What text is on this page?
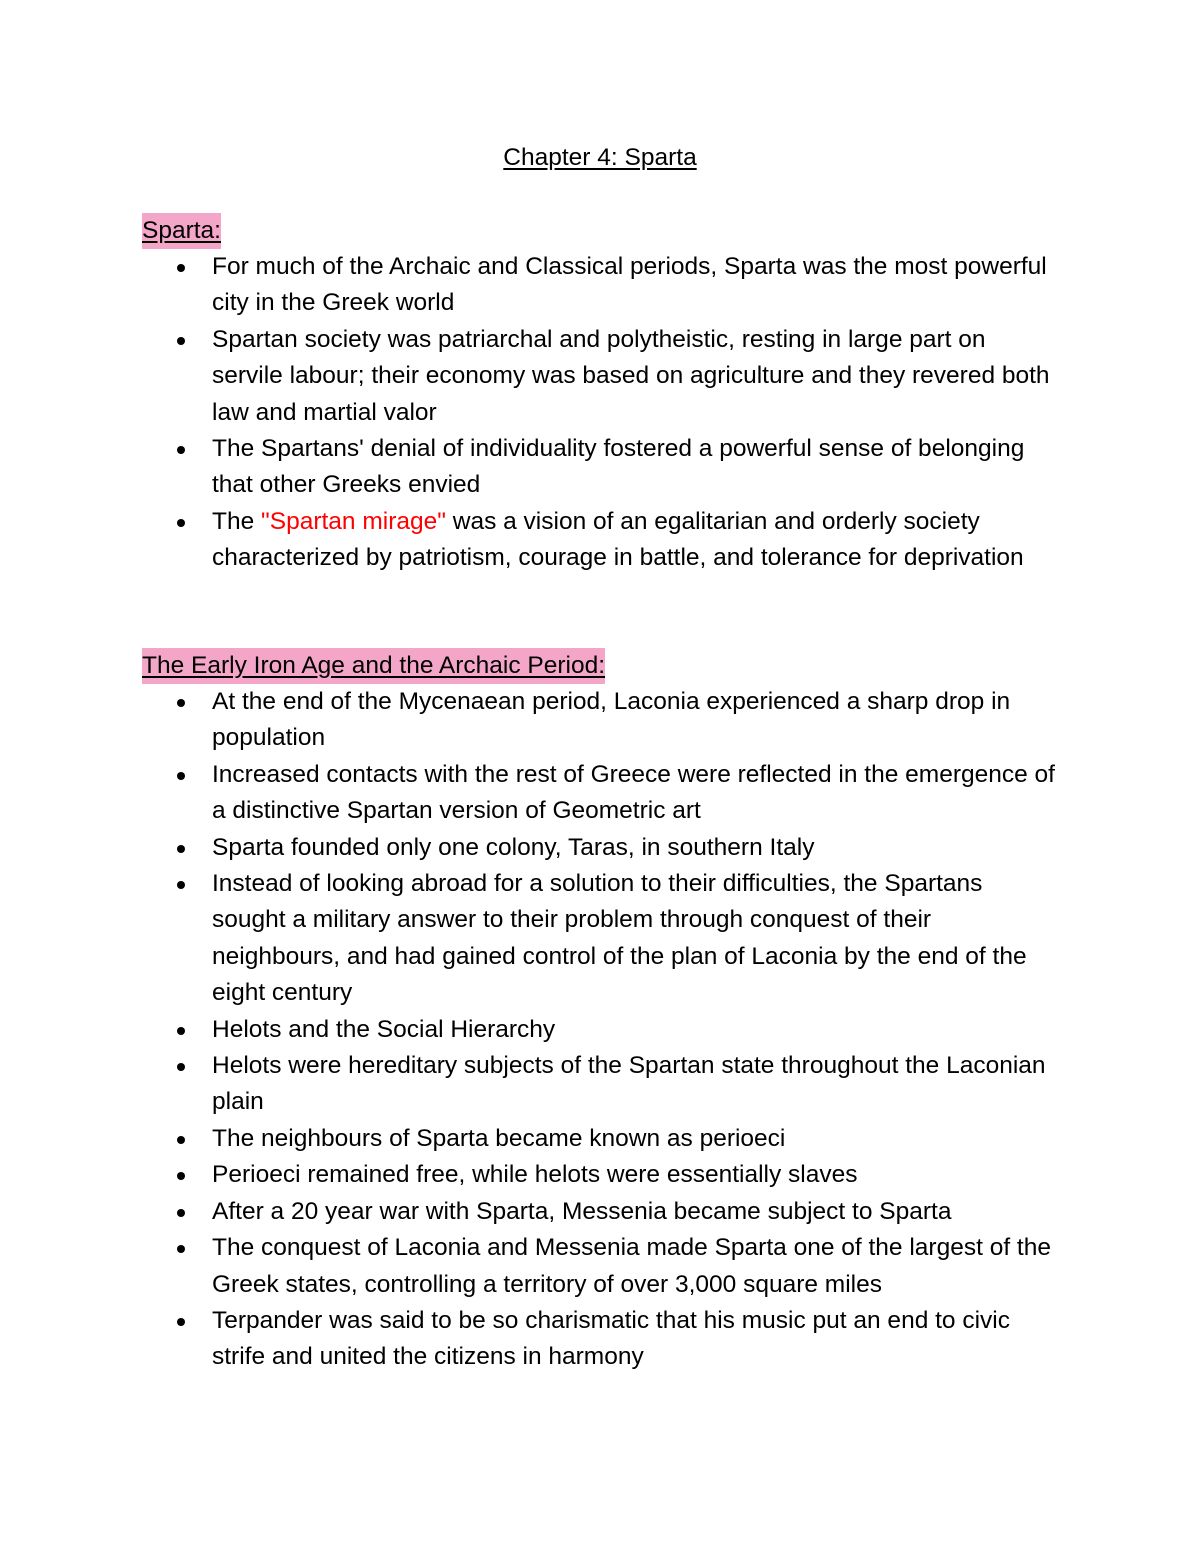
Chapter 4: Sparta
Sparta:
For much of the Archaic and Classical periods, Sparta was the most powerful city in the Greek world
Spartan society was patriarchal and polytheistic, resting in large part on servile labour; their economy was based on agriculture and they revered both law and martial valor
The Spartans' denial of individuality fostered a powerful sense of belonging that other Greeks envied
The "Spartan mirage" was a vision of an egalitarian and orderly society characterized by patriotism, courage in battle, and tolerance for deprivation
The Early Iron Age and the Archaic Period:
At the end of the Mycenaean period, Laconia experienced a sharp drop in population
Increased contacts with the rest of Greece were reflected in the emergence of a distinctive Spartan version of Geometric art
Sparta founded only one colony, Taras, in southern Italy
Instead of looking abroad for a solution to their difficulties, the Spartans sought a military answer to their problem through conquest of their neighbours, and had gained control of the plan of Laconia by the end of the eight century
Helots and the Social Hierarchy
Helots were hereditary subjects of the Spartan state throughout the Laconian plain
The neighbours of Sparta became known as perioeci
Perioeci remained free, while helots were essentially slaves
After a 20 year war with Sparta, Messenia became subject to Sparta
The conquest of Laconia and Messenia made Sparta one of the largest of the Greek states, controlling a territory of over 3,000 square miles
Terpander was said to be so charismatic that his music put an end to civic strife and united the citizens in harmony
